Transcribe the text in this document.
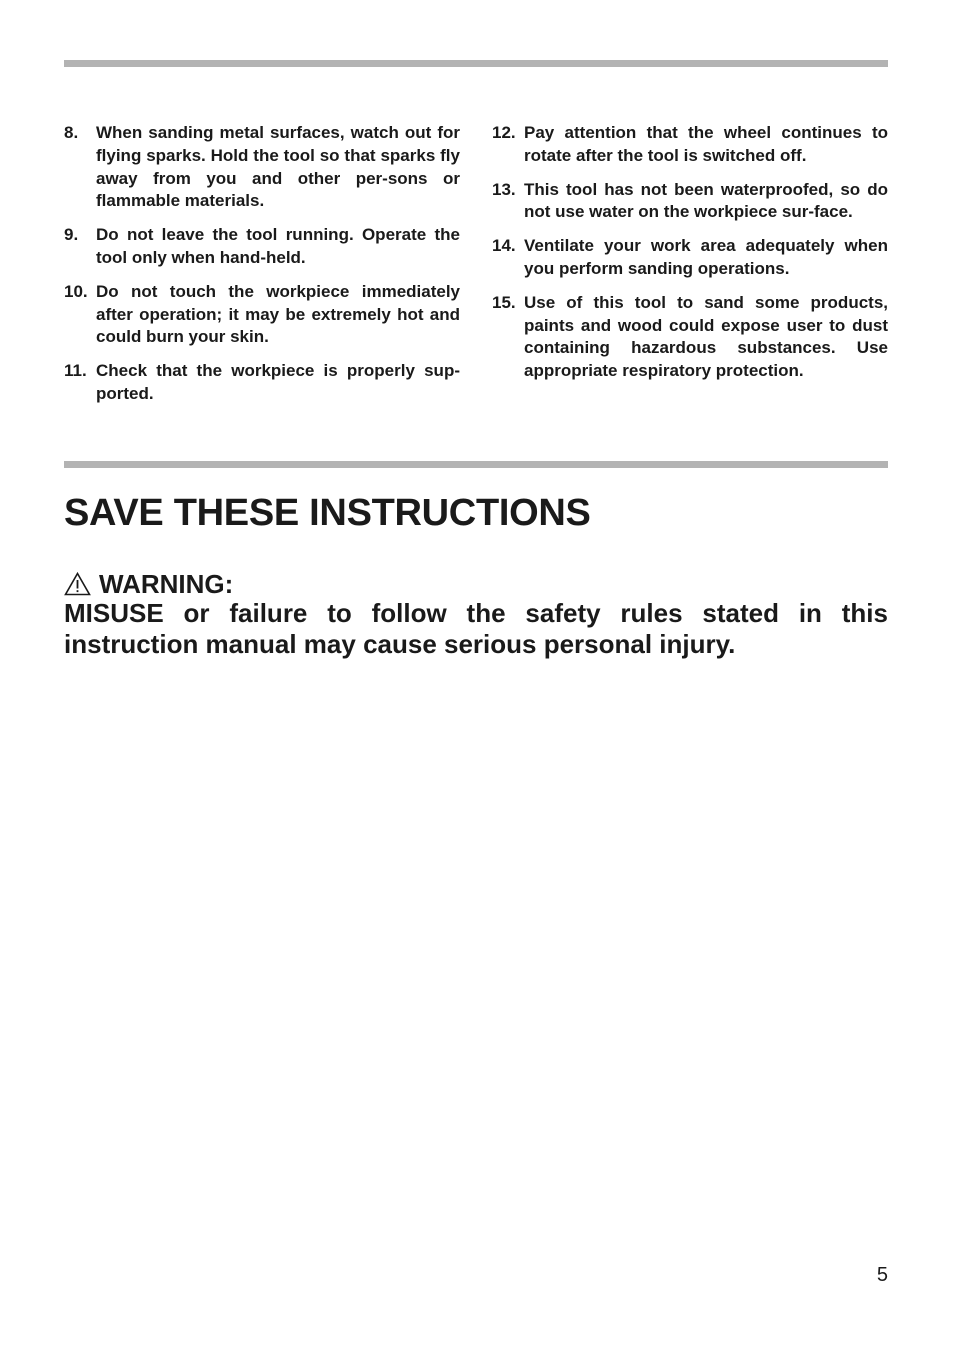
8.	When sanding metal surfaces, watch out for flying sparks. Hold the tool so that sparks fly away from you and other per-sons or flammable materials.
9.	Do not leave the tool running. Operate the tool only when hand-held.
10. Do not touch the workpiece immediately after operation; it may be extremely hot and could burn your skin.
11. Check that the workpiece is properly sup-ported.
12. Pay attention that the wheel continues to rotate after the tool is switched off.
13. This tool has not been waterproofed, so do not use water on the workpiece sur-face.
14. Ventilate your work area adequately when you perform sanding operations.
15. Use of this tool to sand some products, paints and wood could expose user to dust containing hazardous substances. Use appropriate respiratory protection.
SAVE THESE INSTRUCTIONS
WARNING:

MISUSE or failure to follow the safety rules stated in this instruction manual may cause serious personal injury.

5
